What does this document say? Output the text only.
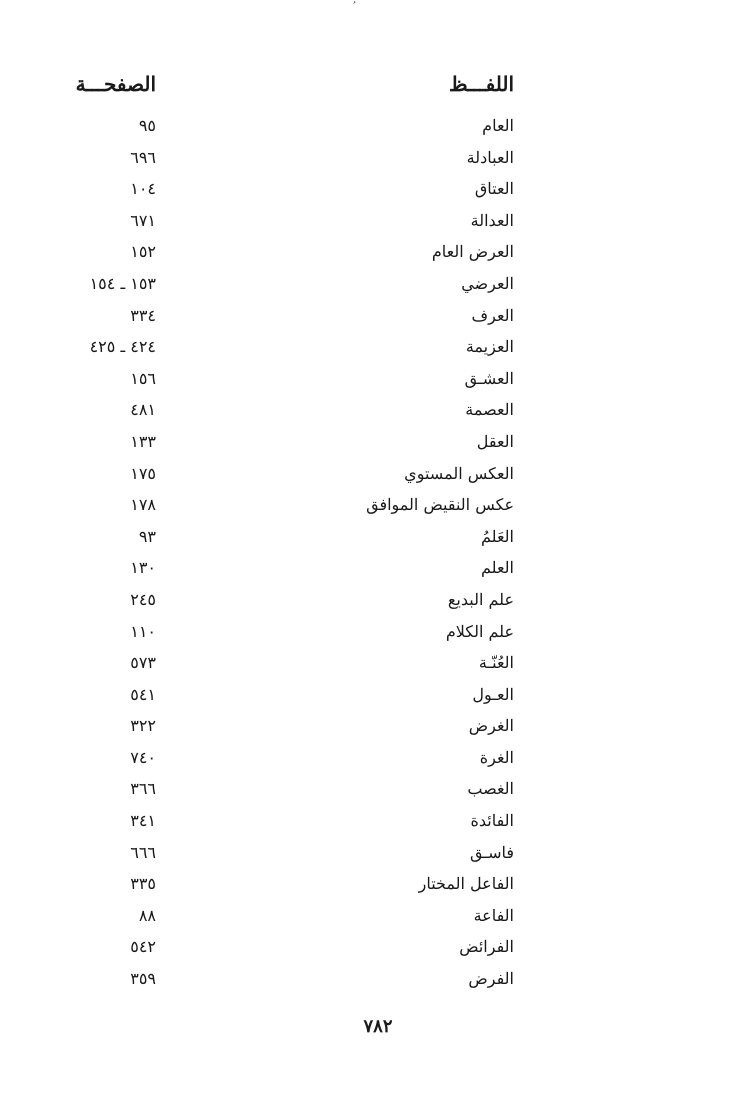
اللفـــظ
الصفحـــة
العام
٩٥
العبادلة
٦٩٦
العتاق
١٠٤
العدالة
٦٧١
العرض العام
١٥٢
العرضي
١٥٣ ـ ١٥٤
العرف
٣٣٤
العزيمة
٤٢٤ ـ ٤٢٥
العشـق
١٥٦
العصمة
٤٨١
العقل
١٣٣
العكس المستوي
١٧٥
عكس النقيض الموافق
١٧٨
العَلمُ
٩٣
العلم
١٣٠
علم البديع
٢٤٥
علم الكلام
١١٠
العُنّـة
٥٧٣
العـول
٥٤١
الغرض
٣٢٢
الغرة
٧٤٠
الغصب
٣٦٦
الفائدة
٣٤١
فاسـق
٦٦٦
الفاعل المختار
٣٣٥
الفاعة
٨٨
الفرائض
٥٤٢
الفرض
٣٥٩
٧٨٢
